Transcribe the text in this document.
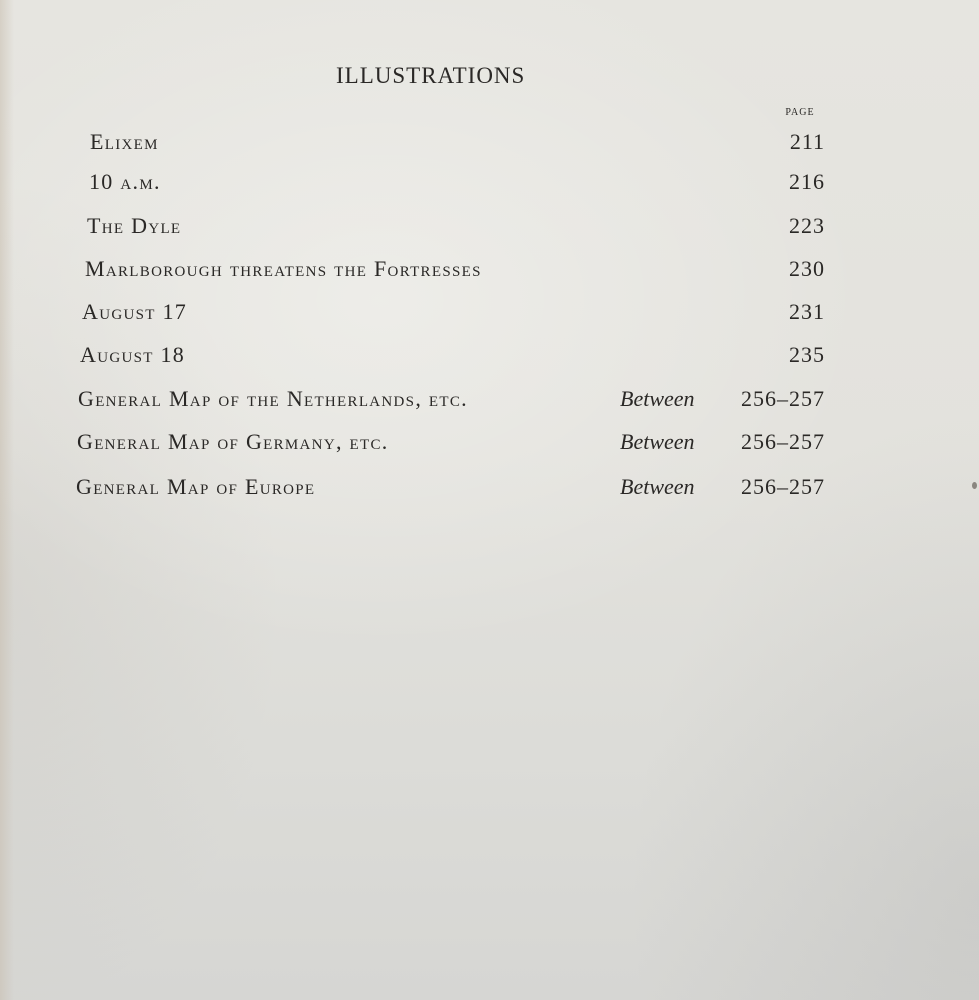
ILLUSTRATIONS
PAGE
Elixem	211
10 a.m.	216
The Dyle	223
Marlborough threatens the Fortresses	230
August 17	231
August 18	235
General Map of the Netherlands, etc.	Between 256–257
General Map of Germany, etc.	Between 256–257
General Map of Europe	Between 256–257
